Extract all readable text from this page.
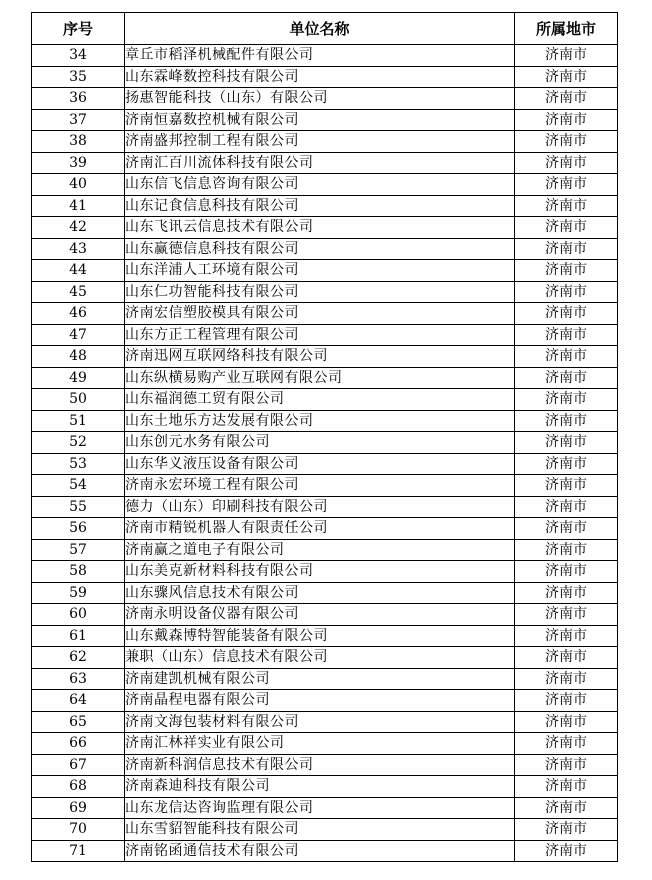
序号	单位名称	所属地市
34	章丘市稻泽机械配件有限公司	济南市
35	山东霖峰数控科技有限公司	济南市
36	扬惠智能科技（山东）有限公司	济南市
37	济南恒嘉数控机械有限公司	济南市
38	济南盛邦控制工程有限公司	济南市
39	济南汇百川流体科技有限公司	济南市
40	山东信飞信息咨询有限公司	济南市
41	山东记食信息科技有限公司	济南市
42	山东飞讯云信息技术有限公司	济南市
43	山东赢德信息科技有限公司	济南市
44	山东洋浦人工环境有限公司	济南市
45	山东仁功智能科技有限公司	济南市
46	济南宏信塑胶模具有限公司	济南市
47	山东方正工程管理有限公司	济南市
48	济南迅网互联网络科技有限公司	济南市
49	山东纵横易购产业互联网有限公司	济南市
50	山东福润德工贸有限公司	济南市
51	山东土地乐方达发展有限公司	济南市
52	山东创元水务有限公司	济南市
53	山东华义液压设备有限公司	济南市
54	济南永宏环境工程有限公司	济南市
55	德力（山东）印刷科技有限公司	济南市
56	济南市精锐机器人有限责任公司	济南市
57	济南赢之道电子有限公司	济南市
58	山东美克新材料科技有限公司	济南市
59	山东骤风信息技术有限公司	济南市
60	济南永明设备仪器有限公司	济南市
61	山东戴森博特智能装备有限公司	济南市
62	兼职（山东）信息技术有限公司	济南市
63	济南建凯机械有限公司	济南市
64	济南晶程电器有限公司	济南市
65	济南文海包装材料有限公司	济南市
66	济南汇林祥实业有限公司	济南市
67	济南新科润信息技术有限公司	济南市
68	济南森迪科技有限公司	济南市
69	山东龙信达咨询监理有限公司	济南市
70	山东雪貂智能科技有限公司	济南市
71	济南铭函通信技术有限公司	济南市
